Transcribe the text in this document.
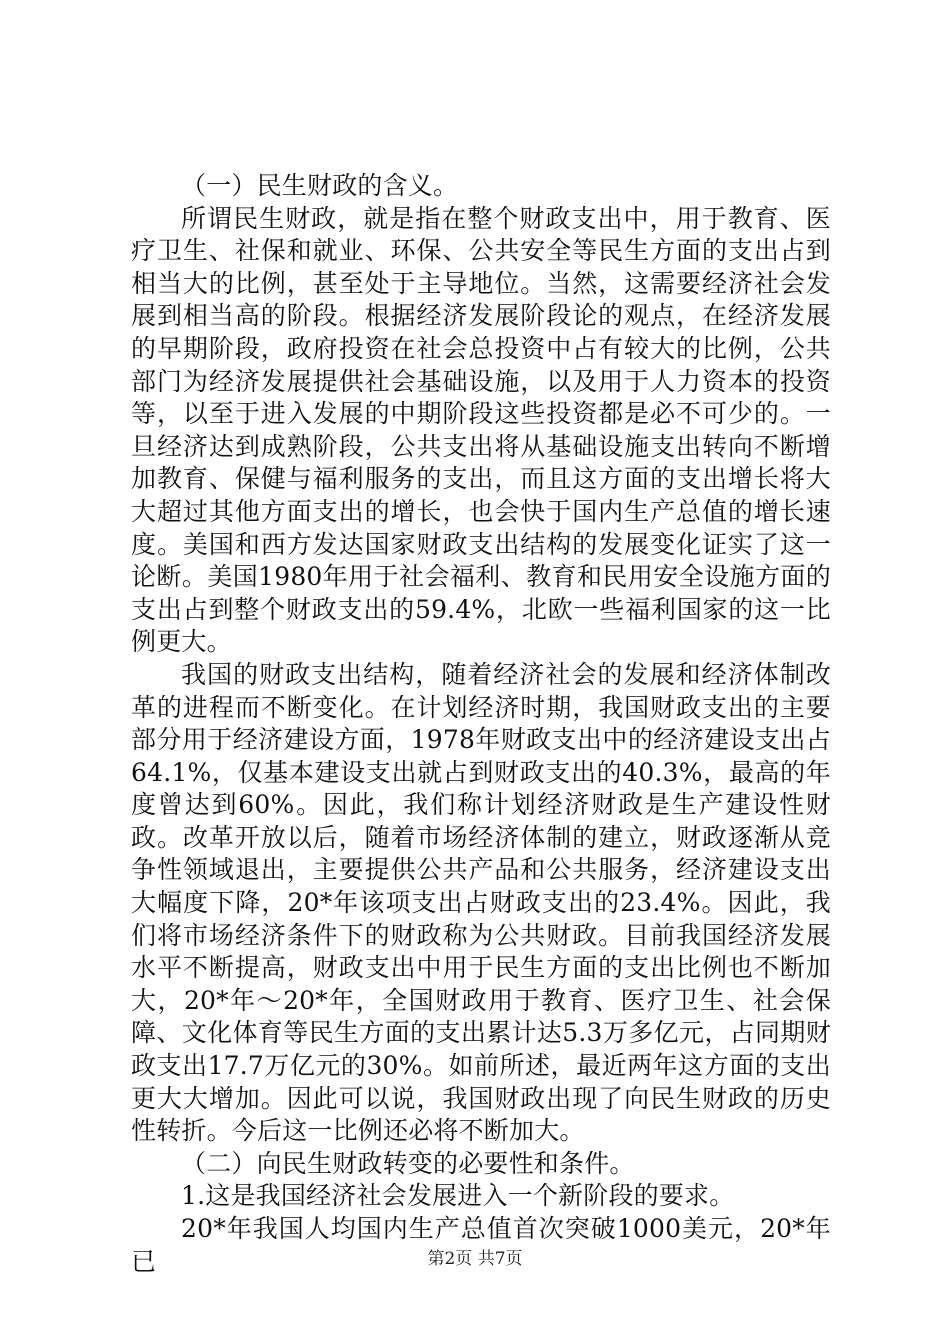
（一）民生财政的含义。

所谓民生财政，就是指在整个财政支出中，用于教育、医疗卫生、社保和就业、环保、公共安全等民生方面的支出占到相当大的比例，甚至处于主导地位。当然，这需要经济社会发展到相当高的阶段。根据经济发展阶段论的观点，在经济发展的早期阶段，政府投资在社会总投资中占有较大的比例，公共部门为经济发展提供社会基础设施，以及用于人力资本的投资等，以至于进入发展的中期阶段这些投资都是必不可少的。一旦经济达到成熟阶段，公共支出将从基础设施支出转向不断增加教育、保健与福利服务的支出，而且这方面的支出增长将大大超过其他方面支出的增长，也会快于国内生产总值的增长速度。美国和西方发达国家财政支出结构的发展变化证实了这一论断。美国1980年用于社会福利、教育和民用安全设施方面的支出占到整个财政支出的59.4%，北欧一些福利国家的这一比例更大。

我国的财政支出结构，随着经济社会的发展和经济体制改革的进程而不断变化。在计划经济时期，我国财政支出的主要部分用于经济建设方面，1978年财政支出中的经济建设支出占64.1%，仅基本建设支出就占到财政支出的40.3%，最高的年度曾达到60%。因此，我们称计划经济财政是生产建设性财政。改革开放以后，随着市场经济体制的建立，财政逐渐从竞争性领域退出，主要提供公共产品和公共服务，经济建设支出大幅度下降，20*年该项支出占财政支出的23.4%。因此，我们将市场经济条件下的财政称为公共财政。目前我国经济发展水平不断提高，财政支出中用于民生方面的支出比例也不断加大，20*年～20*年，全国财政用于教育、医疗卫生、社会保障、文化体育等民生方面的支出累计达5.3万多亿元，占同期财政支出17.7万亿元的30%。如前所述，最近两年这方面的支出更大大增加。因此可以说，我国财政出现了向民生财政的历史性转折。今后这一比例还必将不断加大。

（二）向民生财政转变的必要性和条件。

1.这是我国经济社会发展进入一个新阶段的要求。

20*年我国人均国内生产总值首次突破1000美元，20*年已	第2页 共7页
